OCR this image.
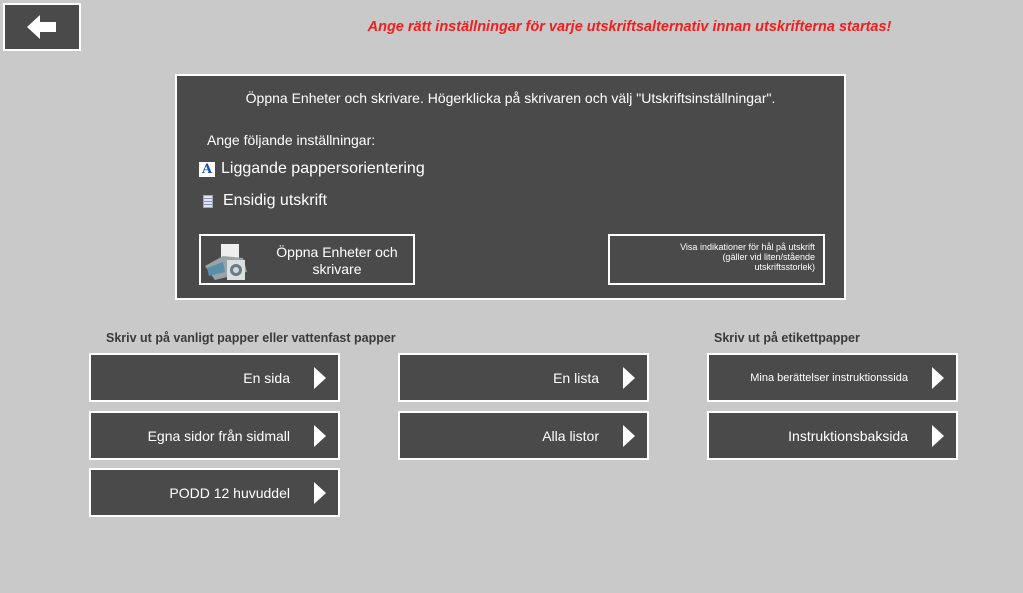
Ange rätt inställningar för varje utskriftsalternativ innan utskrifterna startas!
Öppna Enheter och skrivare. Högerklicka på skrivaren och välj "Utskriftsinställningar".
Ange följande inställningar:
A Liggande pappersorientering
Ensidig utskrift
Öppna Enheter och
skrivare
Visa indikationer för hål på utskrift
(gäller vid liten/stående
utskriftsstorlek)
Skriv ut på vanligt papper eller vattenfast papper	Skriv ut på etikettpapper
En sida
Egna sidor från sidmall
PODD 12 huvuddel
En lista
Alla listor
Mina berättelser instruktionssida
Instruktionsbaksida
